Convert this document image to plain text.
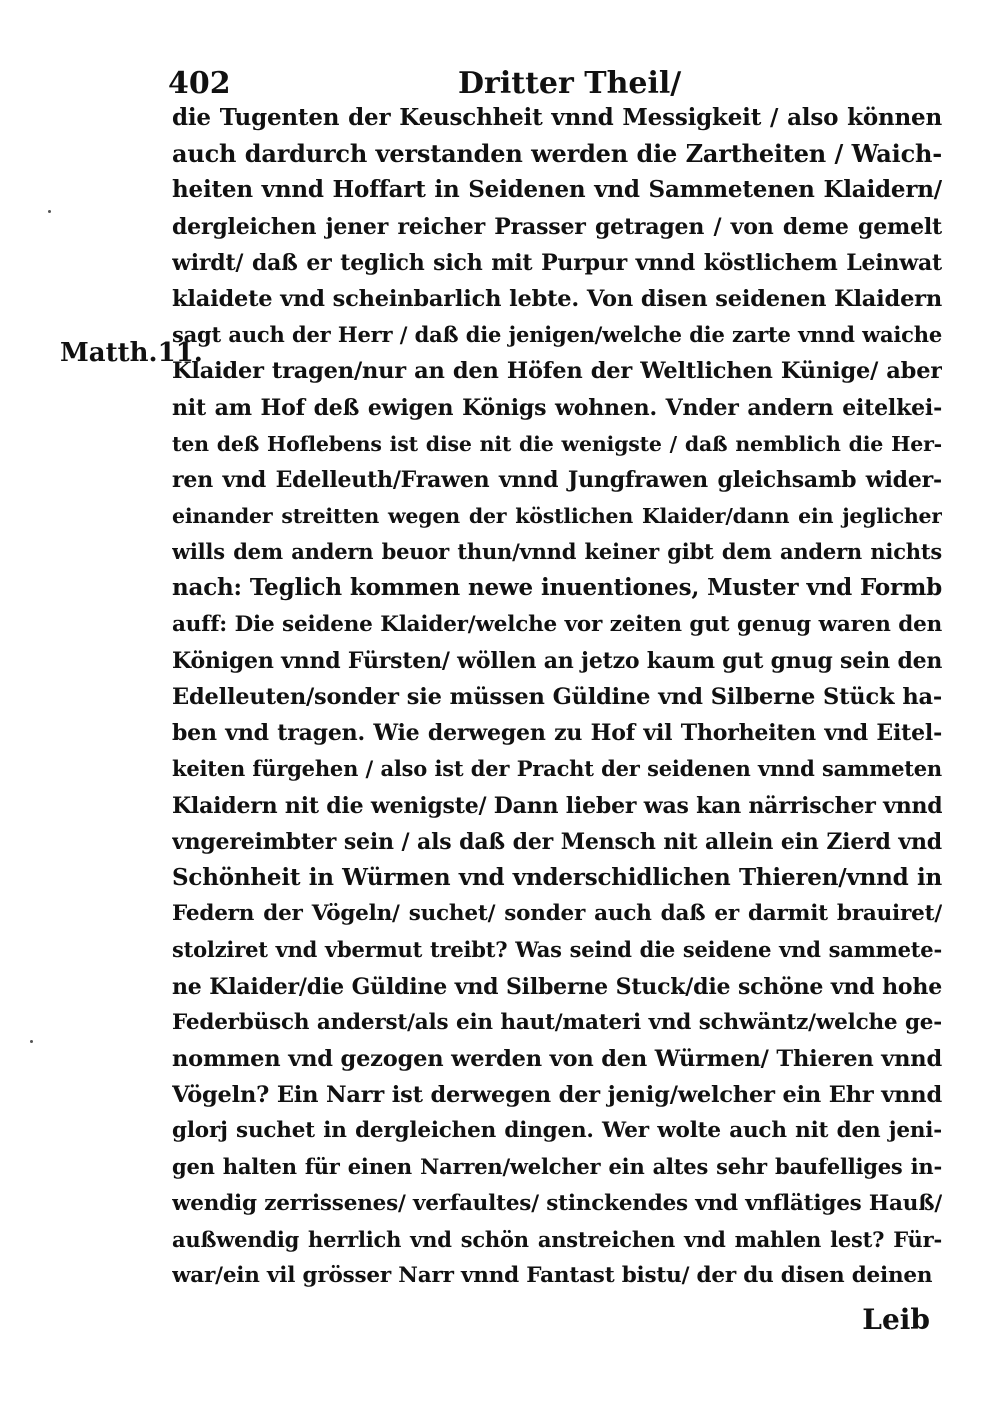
402	Dritter Theil/
Matth.11.
die Tugenten der Keuschheit vnnd Messigkeit / also können
auch dardurch verstanden werden die Zartheiten / Waich-
heiten vnnd Hoffart in Seidenen vnd Sammetenen Klaidern/
dergleichen jener reicher Prasser getragen / von deme gemelt
wirdt/ daß er teglich sich mit Purpur vnnd köstlichem Leinwat
klaidete vnd scheinbarlich lebte. Von disen seidenen Klaidern
sagt auch der Herr / daß die jenigen/welche die zarte vnnd waiche
Klaider tragen/nur an den Höfen der Weltlichen Künige/ aber
nit am Hof deß ewigen Königs wohnen. Vnder andern eitelkei-
ten deß Hoflebens ist dise nit die wenigste / daß nemblich die Her-
ren vnd Edelleuth/Frawen vnnd Jungfrawen gleichsamb wider-
einander streitten wegen der köstlichen Klaider/dann ein jeglicher
wills dem andern beuor thun/vnnd keiner gibt dem andern nichts
nach: Teglich kommen newe inuentiones, Muster vnd Formb
auff: Die seidene Klaider/welche vor zeiten gut genug waren den
Königen vnnd Fürsten/ wöllen an jetzo kaum gut gnug sein den
Edelleuten/sonder sie müssen Güldine vnd Silberne Stück ha-
ben vnd tragen. Wie derwegen zu Hof vil Thorheiten vnd Eitel-
keiten fürgehen / also ist der Pracht der seidenen vnnd sammeten
Klaidern nit die wenigste/ Dann lieber was kan närrischer vnnd
vngereimbter sein / als daß der Mensch nit allein ein Zierd vnd
Schönheit in Würmen vnd vnderschidlichen Thieren/vnnd in
Federn der Vögeln/ suchet/ sonder auch daß er darmit brauiret/
stolziret vnd vbermut treibt? Was seind die seidene vnd sammete-
ne Klaider/die Güldine vnd Silberne Stuck/die schöne vnd hohe
Federbüsch anderst/als ein haut/materi vnd schwäntz/welche ge-
nommen vnd gezogen werden von den Würmen/ Thieren vnnd
Vögeln? Ein Narr ist derwegen der jenig/welcher ein Ehr vnnd
glorj suchet in dergleichen dingen. Wer wolte auch nit den jeni-
gen halten für einen Narren/welcher ein altes sehr baufelliges in-
wendig zerrissenes/ verfaultes/ stinckendes vnd vnflätiges Hauß/
außwendig herrlich vnd schön anstreichen vnd mahlen lest? Für-
war/ein vil grösser Narr vnnd Fantast bistu/ der du disen deinen
Leib
